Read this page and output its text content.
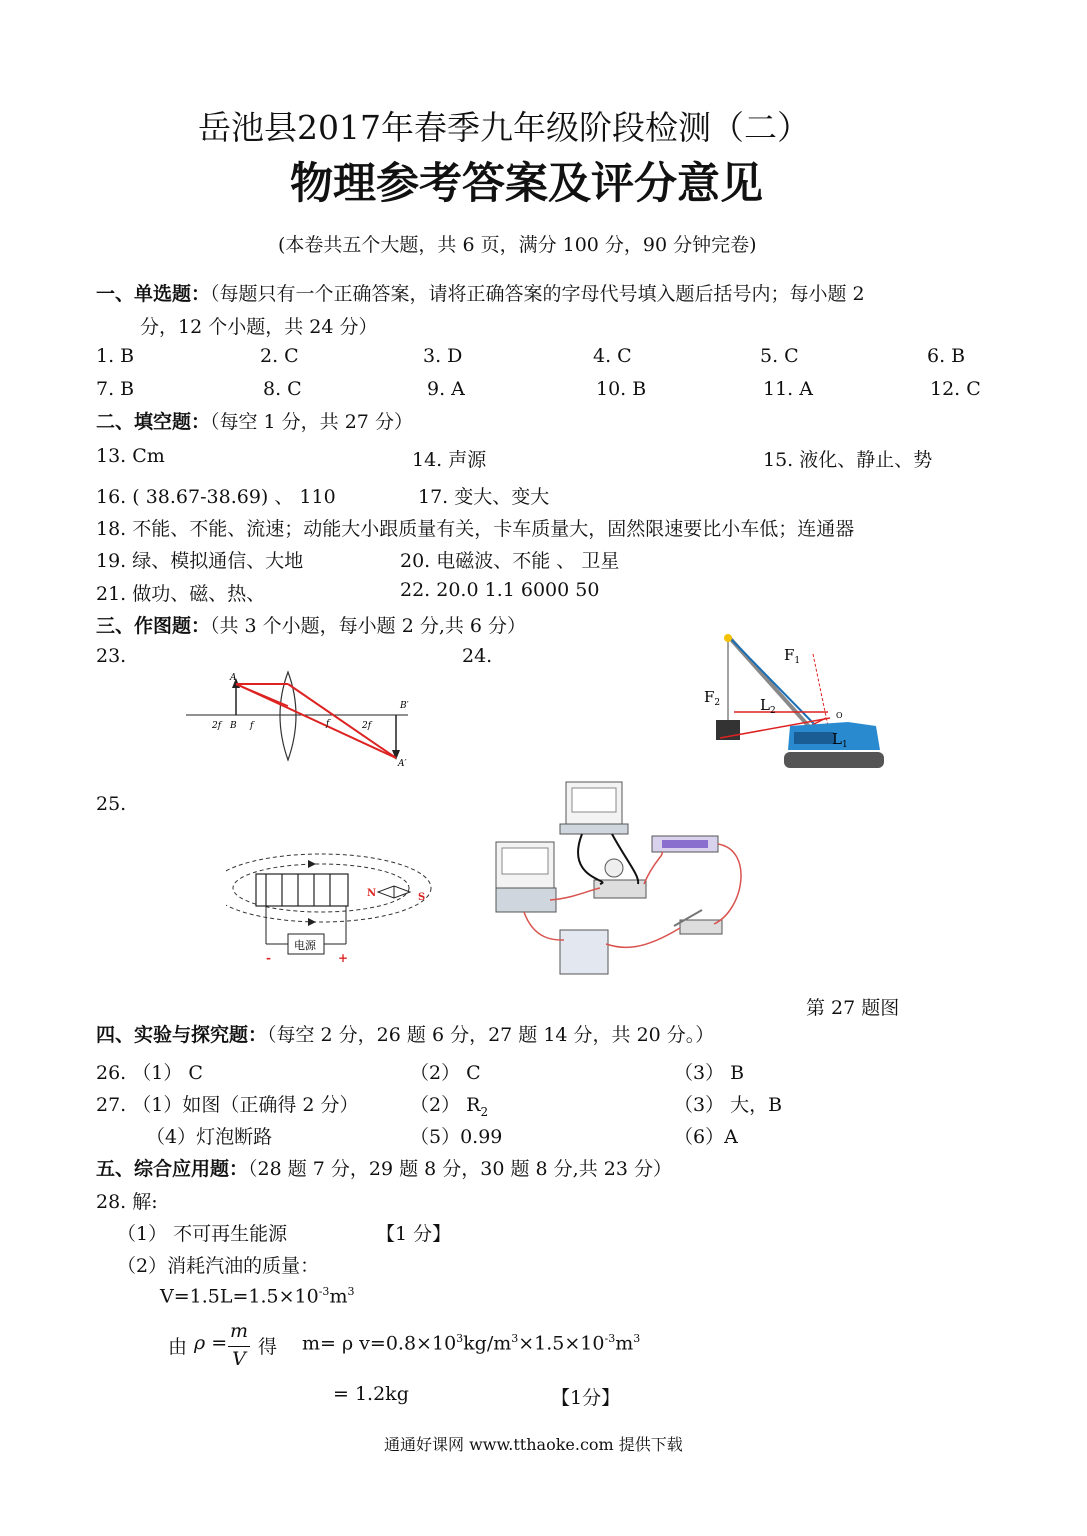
岳池县2017年春季九年级阶段检测（二）
物理参考答案及评分意见
(本卷共五个大题，共 6 页，满分 100 分，90 分钟完卷)
一、单选题：（每题只有一个正确答案，请将正确答案的字母代号填入题后括号内；每小题 2
分，12 个小题，共 24 分）
1. B	2. C	3. D	4. C	5. C	6. B
7. B	8. C	9. A	10. B	11. A	12. C
二、填空题：（每空 1 分，共 27 分）
13. Cm	14. 声源	15. 液化、静止、势
16. ( 38.67-38.69) 、 110	17. 变大、变大
18. 不能、不能、流速；动能大小跟质量有关，卡车质量大，固然限速要比小车低；连通器
19. 绿、模拟通信、大地	20. 电磁波、不能 、 卫星
21. 做功、磁、热、	22. 20.0 1.1 6000 50
三、作图题：（共 3 个小题，每小题 2 分,共 6 分）
23.	24.
A
B
B′
A′
2f	f	f	2f
$F_1$
$F_2$	$L_2$
$L_1$
O
25.
电源
-	+
N	S
第 27 题图
四、实验与探究题：（每空 2 分，26 题 6 分，27 题 14 分，共 20 分。）
26. （1） C	（2） C	（3） B
27. （1）如图（正确得 2 分）	（2） $R_2$	（3） 大，B
（4）灯泡断路	（5）0.99	（6）A
五、综合应用题：（28 题 7 分，29 题 8 分，30 题 8 分,共 23 分）
28. 解:
（1） 不可再生能源	【1 分】
（2）消耗汽油的质量：
$V=1.5L=1.5\times 10^{-3}m^3$
由 ρ =
m
V
得 m= ρ $v=0.8\times 10^3kg/m^3\times 1.5\times 10^{-3}m^3$
= 1.2kg	【1分】
通通好课网 www.tthaoke.com 提供下载
